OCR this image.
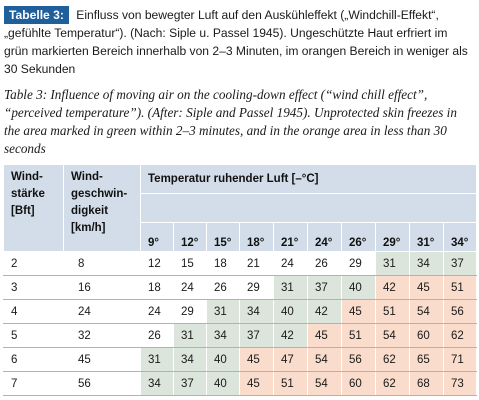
Tabelle 3: Einfluss von bewegter Luft auf den Auskühleffekt („Windchill-Effekt“, „gefühlte Temperatur“). (Nach: Siple u. Passel 1945). Ungeschützte Haut erfriert im grün markierten Bereich innerhalb von 2–3 Minuten, im orangen Bereich in weniger als 30 Sekunden
Table 3: Influence of moving air on the cooling-down effect (“wind chill effect”, “perceived temperature”). (After: Siple and Passel 1945). Unprotected skin freezes in the area marked in green within 2–3 minutes, and in the orange area in less than 30 seconds
Wind-
stärke
[Bft]	Wind-
geschwin-
digkeit
[km/h]	Temperatur ruhender Luft [–°C]									

		9°	12°	15°	18°	21°	24°	26°	29°	31°	34°
2	8	12	15	18	21	24	26	29	31	34	37
3	16	18	24	26	29	31	37	40	42	45	51
4	24	24	29	31	34	40	42	45	51	54	56
5	32	26	31	34	37	42	45	51	54	60	62
6	45	31	34	40	45	47	54	56	62	65	71
7	56	34	37	40	45	51	54	60	62	68	73
